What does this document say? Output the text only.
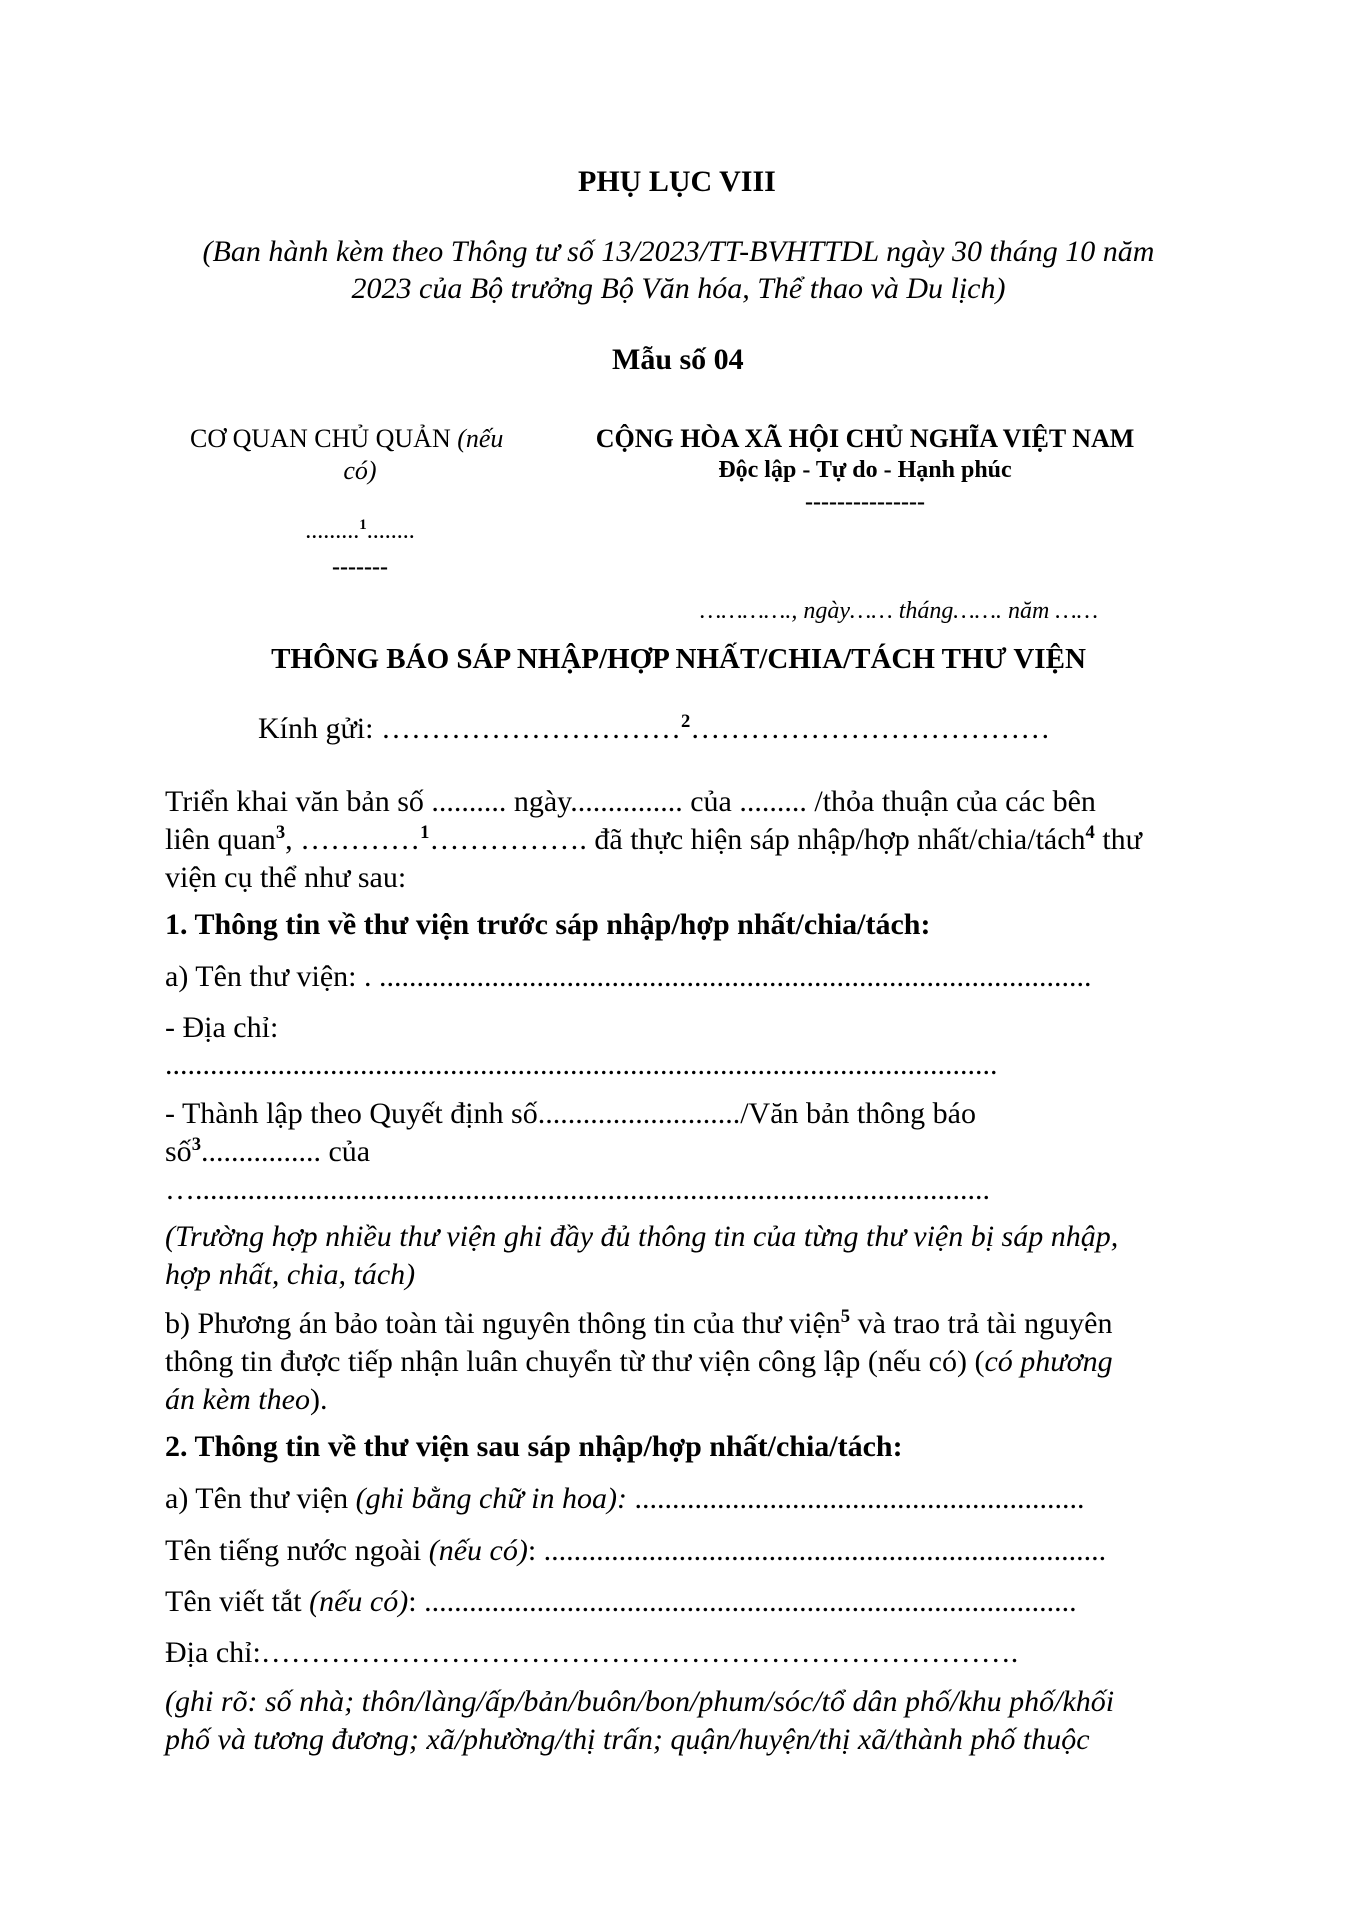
PHỤ LỤC VIII
(Ban hành kèm theo Thông tư số 13/2023/TT-BVHTTDL ngày 30 tháng 10 năm
2023 của Bộ trưởng Bộ Văn hóa, Thể thao và Du lịch)
Mẫu số 04
CƠ QUAN CHỦ QUẢN (nếu
có)
.........$^1$........
-------
CỘNG HÒA XÃ HỘI CHỦ NGHĨA VIỆT NAM
Độc lập - Tự do - Hạnh phúc
---------------
…………., ngày…… tháng……. năm ……
THÔNG BÁO SÁP NHẬP/HỢP NHẤT/CHIA/TÁCH THƯ VIỆN
Kính gửi: …………………………$^2$………………………………
Triển khai văn bản số .......... ngày............... của ......... /thỏa thuận của các bên
liên quan$^3$, …………$^1$……………. đã thực hiện sáp nhập/hợp nhất/chia/tách$^4$ thư
viện cụ thể như sau:
1. Thông tin về thư viện trước sáp nhập/hợp nhất/chia/tách:
a) Tên thư viện: . ...............................................................................................
- Địa chỉ:
...............................................................................................................
- Thành lập theo Quyết định số.........................../Văn bản thông báo
số$^3$................ của
…..........................................................................................................
(Trường hợp nhiều thư viện ghi đầy đủ thông tin của từng thư viện bị sáp nhập,
hợp nhất, chia, tách)
b) Phương án bảo toàn tài nguyên thông tin của thư viện$^5$ và trao trả tài nguyên
thông tin được tiếp nhận luân chuyển từ thư viện công lập (nếu có) (có phương
án kèm theo).
2. Thông tin về thư viện sau sáp nhập/hợp nhất/chia/tách:
a) Tên thư viện (ghi bằng chữ in hoa): ............................................................
Tên tiếng nước ngoài (nếu có): ...........................................................................
Tên viết tắt (nếu có): .......................................................................................
Địa chỉ:………………………………………………………………….
(ghi rõ: số nhà; thôn/làng/ấp/bản/buôn/bon/phum/sóc/tổ dân phố/khu phố/khối
phố và tương đương; xã/phường/thị trấn; quận/huyện/thị xã/thành phố thuộc
